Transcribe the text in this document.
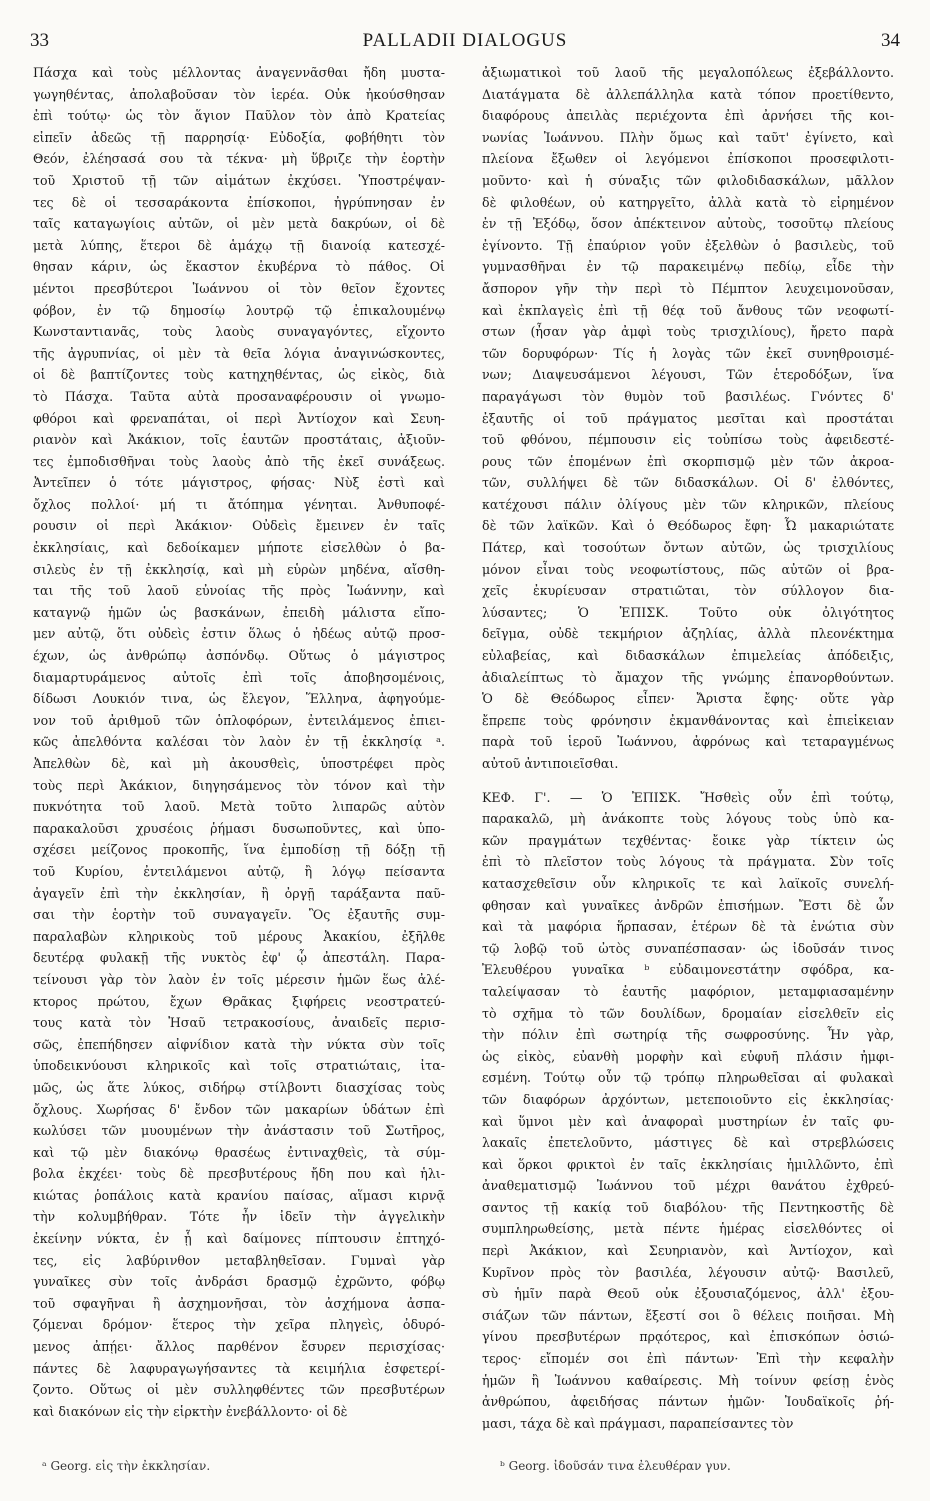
33	PALLADII DIALOGUS	34
Πάσχα καὶ τοὺς μέλλοντας ἀναγεννᾶσθαι ἤδη μυστα-
γωγηθέντας, ἀπολαβοῦσαν τὸν ἱερέα. Οὐκ ἠκούσθησαν
ἐπὶ τούτῳ· ὡς τὸν ἅγιον Παῦλον τὸν ἀπὸ Κρατείας
εἰπεῖν ἀδεῶς τῇ παρρησίᾳ· Εὐδοξία, φοβήθητι τὸν
Θεόν, ἐλέησασά σου τὰ τέκνα· μὴ ὕβριζε τὴν ἑορτὴν
τοῦ Χριστοῦ τῇ τῶν αἱμάτων ἐκχύσει. Ὑποστρέψαν-
τες δὲ οἱ τεσσαράκοντα ἐπίσκοποι, ἠγρύπνησαν ἐν
ταῖς καταγωγίοις αὐτῶν, οἱ μὲν μετὰ δακρύων, οἱ δὲ
μετὰ λύπης, ἕτεροι δὲ ἁμάχῳ τῇ διανοίᾳ κατεσχέ-
θησαν κάριν, ὡς ἕκαστον ἐκυβέρνα τὸ πάθος. Οἱ
μέντοι πρεσβύτεροι Ἰωάννου οἱ τὸν θεῖον ἔχοντες
φόβον, ἐν τῷ δημοσίῳ λουτρῷ τῷ ἐπικαλουμένῳ
Κωνσταντιανᾶς, τοὺς λαοὺς συναγαγόντες, εἴχοντο
τῆς ἀγρυπνίας, οἱ μὲν τὰ θεῖα λόγια ἀναγινώσκοντες,
οἱ δὲ βαπτίζοντες τοὺς κατηχηθέντας, ὡς εἰκὸς, διὰ
τὸ Πάσχα. Ταῦτα αὐτὰ προσαναφέρουσιν οἱ γνωμο-
φθόροι καὶ φρεναπάται, οἱ περὶ Ἀντίοχον καὶ Σευη-
ριανὸν καὶ Ἀκάκιον, τοῖς ἑαυτῶν προστάταις, ἀξιοῦν-
τες ἐμποδισθῆναι τοὺς λαοὺς ἀπὸ τῆς ἐκεῖ συνάξεως.
Ἀντεῖπεν ὁ τότε μάγιστρος, φήσας· Νὺξ ἐστὶ καὶ
ὄχλος πολλοί· μή τι ἄτόπημα γένηται. Ἀνθυποφέ-
ρουσιν οἱ περὶ Ἀκάκιον· Οὐδεὶς ἔμεινεν ἐν ταῖς
ἐκκλησίαις, καὶ δεδοίκαμεν μήποτε εἰσελθὼν ὁ βα-
σιλεὺς ἐν τῇ ἐκκλησίᾳ, καὶ μὴ εὑρὼν μηδένα, αἴσθη-
ται τῆς τοῦ λαοῦ εὐνοίας τῆς πρὸς Ἰωάννην, καὶ
καταγνῷ ἡμῶν ὡς βασκάνων, ἐπειδὴ μάλιστα εἴπο-
μεν αὐτῷ, ὅτι οὐδεὶς ἐστιν ὅλως ὁ ἠδέως αὐτῷ προσ-
έχων, ὡς ἀνθρώπῳ ἀσπόνδῳ. Οὕτως ὁ μάγιστρος
διαμαρτυράμενος αὐτοῖς ἐπὶ τοῖς ἀποβησομένοις,
δίδωσι Λουκιόν τινα, ὡς ἔλεγον, Ἕλληνα, ἀφηγούμε-
νον τοῦ ἀριθμοῦ τῶν ὁπλοφόρων, ἐντειλάμενος ἐπιει-
κῶς ἀπελθόντα καλέσαι τὸν λαὸν ἐν τῇ ἐκκλησίᾳ ᵃ.
Ἀπελθὼν δὲ, καὶ μὴ ἀκουσθεὶς, ὑποστρέφει πρὸς
τοὺς περὶ Ἀκάκιον, διηγησάμενος τὸν τόνον καὶ τὴν
πυκνότητα τοῦ λαοῦ. Μετὰ τοῦτο λιπαρῶς αὐτὸν
παρακαλοῦσι χρυσέοις ῥήμασι δυσωποῦντες, καὶ ὑπο-
σχέσει μείζονος προκοπῆς, ἵνα ἐμποδίσῃ τῇ δόξῃ τῇ
τοῦ Κυρίου, ἐντειλάμενοι αὐτῷ, ἢ λόγῳ πείσαντα
ἀγαγεῖν ἐπὶ τὴν ἐκκλησίαν, ἢ ὀργῇ ταράξαντα παῦ-
σαι τὴν ἑορτὴν τοῦ συναγαγεῖν. Ὃς ἐξαυτῆς συμ-
παραλαβὼν κληρικοὺς τοῦ μέρους Ἀκακίου, ἐξῆλθε
δευτέρᾳ φυλακῇ τῆς νυκτὸς ἐφ' ᾧ ἀπεστάλη. Παρα-
τείνουσι γὰρ τὸν λαὸν ἐν τοῖς μέρεσιν ἡμῶν ἕως ἀλέ-
κτορος πρώτου, ἔχων Θρᾶκας ξιφήρεις νεοστρατεύ-
τους κατὰ τὸν Ἠσαῦ τετρακοσίους, ἀναιδεῖς περισ-
σῶς, ἐπεπήδησεν αἰφνίδιον κατὰ τὴν νύκτα σὺν τοῖς
ὑποδεικνύουσι κληρικοῖς καὶ τοῖς στρατιώταις, ἰτα-
μῶς, ὡς ἅτε λύκος, σιδήρῳ στίλβοντι διασχίσας τοὺς
ὄχλους. Χωρήσας δ' ἔνδον τῶν μακαρίων ὑδάτων ἐπὶ
κωλύσει τῶν μυουμένων τὴν ἀνάστασιν τοῦ Σωτῆρος,
καὶ τῷ μὲν διακόνῳ θρασέως ἐντιναχθεὶς, τὰ σύμ-
βολα ἐκχέει· τοὺς δὲ πρεσβυτέρους ἤδη που καὶ ἡλι-
κιώτας ῥοπάλοις κατὰ κρανίου παίσας, αἵμασι κιρνᾷ
τὴν κολυμβήθραν. Τότε ἦν ἰδεῖν τὴν ἀγγελικὴν
ἐκείνην νύκτα, ἐν ᾗ καὶ δαίμονες πίπτουσιν ἐπτηχό-
τες, εἰς λαβύρινθον μεταβληθεῖσαν. Γυμναὶ γὰρ
γυναῖκες σὺν τοῖς ἀνδράσι δρασμῷ ἐχρῶντο, φόβῳ
τοῦ σφαγῆναι ἢ ἀσχημονῆσαι, τὸν ἀσχήμονα ἀσπα-
ζόμεναι δρόμον· ἕτερος τὴν χεῖρα πληγεὶς, ὀδυρό-
μενος ἀπῄει· ἄλλος παρθένον ἔσυρεν περισχίσας·
πάντες δὲ λαφυραγωγήσαντες τὰ κειμήλια ἐσφετερί-
ζοντο. Οὕτως οἱ μὲν συλληφθέντες τῶν πρεσβυτέρων
καὶ διακόνων εἰς τὴν εἱρκτὴν ἐνεβάλλοντο· οἱ δὲ
ἀξιωματικοὶ τοῦ λαοῦ τῆς μεγαλοπόλεως ἐξεβάλλοντο.
Διατάγματα δὲ ἀλλεπάλληλα κατὰ τόπον προετίθεντο,
διαφόρους ἀπειλὰς περιέχοντα ἐπὶ ἀρνήσει τῆς κοι-
νωνίας Ἰωάννου. Πλὴν ὅμως καὶ ταῦτ' ἐγίνετο, καὶ
πλείονα ἔξωθεν οἱ λεγόμενοι ἐπίσκοποι προσεφιλοτι-
μοῦντο· καὶ ἡ σύναξις τῶν φιλοδιδασκάλων, μᾶλλον
δὲ φιλοθέων, οὐ κατηργεῖτο, ἀλλὰ κατὰ τὸ εἰρημένον
ἐν τῇ Ἐξόδῳ, ὅσον ἀπέκτεινον αὐτοὺς, τοσοῦτῳ πλείους
ἐγίνοντο. Τῇ ἐπαύριον γοῦν ἐξελθὼν ὁ βασιλεὺς, τοῦ
γυμνασθῆναι ἐν τῷ παρακειμένῳ πεδίῳ, εἶδε τὴν
ἄσπορον γῆν τὴν περὶ τὸ Πέμπτον λευχειμονοῦσαν,
καὶ ἐκπλαγεὶς ἐπὶ τῇ θέᾳ τοῦ ἄνθους τῶν νεοφωτί-
στων (ἦσαν γὰρ ἀμφὶ τοὺς τρισχιλίους), ἤρετο παρὰ
τῶν δορυφόρων· Τίς ἡ λογὰς τῶν ἐκεῖ συνηθροισμέ-
νων; Διαψευσάμενοι λέγουσι, Τῶν ἑτεροδόξων, ἵνα
παραγάγωσι τὸν θυμὸν τοῦ βασιλέως. Γνόντες δ'
ἐξαυτῆς οἱ τοῦ πράγματος μεσῖται καὶ προστάται
τοῦ φθόνου, πέμπουσιν εἰς τοὐπίσω τοὺς ἀφειδεστέ-
ρους τῶν ἑπομένων ἐπὶ σκορπισμῷ μὲν τῶν ἀκροα-
τῶν, συλλήψει δὲ τῶν διδασκάλων. Οἱ δ' ἐλθόντες,
κατέχουσι πάλιν ὀλίγους μὲν τῶν κληρικῶν, πλείους
δὲ τῶν λαϊκῶν. Καὶ ὁ Θεόδωρος ἔφη· Ὦ μακαριώτατε
Πάτερ, καὶ τοσούτων ὄντων αὐτῶν, ὡς τρισχιλίους
μόνον εἶναι τοὺς νεοφωτίστους, πῶς αὐτῶν οἱ βρα-
χεῖς ἐκυρίευσαν στρατιῶται, τὸν σύλλογον δια-
λύσαντες; Ὁ ἘΠΙΣΚ. Τοῦτο οὐκ ὀλιγότητος
δεῖγμα, οὐδὲ τεκμήριον ἀζηλίας, ἀλλὰ πλεονέκτημα
εὐλαβείας, καὶ διδασκάλων ἐπιμελείας ἀπόδειξις,
ἀδιαλείπτως τὸ ἄμαχον τῆς γνώμης ἐπανορθούντων.
Ὁ δὲ Θεόδωρος εἶπεν· Ἄριστα ἔφης· οὔτε γὰρ
ἔπρεπε τοὺς φρόνησιν ἐκμανθάνοντας καὶ ἐπιεἰκειαν
παρὰ τοῦ ἱεροῦ Ἰωάννου, ἀφρόνως καὶ τεταραγμένως
αὐτοῦ ἀντιποιεῖσθαι.
ΚΕΦ. Γ'. — Ὁ ἘΠΙΣΚ. Ἤσθεὶς οὖν ἐπὶ τούτῳ,
παρακαλῶ, μὴ ἀνάκοπτε τοὺς λόγους τοὺς ὑπὸ κα-
κῶν πραγμάτων τεχθέντας· ἔοικε γὰρ τίκτειν ὡς
ἐπὶ τὸ πλεῖστον τοὺς λόγους τὰ πράγματα. Σὺν τοῖς
κατασχεθεῖσιν οὖν κληρικοῖς τε καὶ λαϊκοῖς συνελή-
φθησαν καὶ γυναῖκες ἀνδρῶν ἐπισήμων. Ἔστι δὲ ὧν
καὶ τὰ μαφόρια ἥρπασαν, ἑτέρων δὲ τὰ ἐνώτια σὺν
τῷ λοβῷ τοῦ ὠτὸς συναπέσπασαν· ὡς ἰδοῦσάν τινος
Ἐλευθέρου γυναῖκα ᵇ εὐδαιμονεστάτην σφόδρα, κα-
ταλείψασαν τὸ ἑαυτῆς μαφόριον, μεταμφιασαμένην
τὸ σχῆμα τὸ τῶν δουλίδων, δρομαίαν εἰσελθεῖν εἰς
τὴν πόλιν ἐπὶ σωτηρίᾳ τῆς σωφροσύνης. Ἦν γὰρ,
ὡς εἰκὸς, εὐανθὴ μορφὴν καὶ εὐφυῆ πλάσιν ἠμφι-
εσμένη. Τούτῳ οὖν τῷ τρόπῳ πληρωθεῖσαι αἱ φυλακαὶ
τῶν διαφόρων ἀρχόντων, μετεποιοῦντο εἰς ἐκκλησίας·
καὶ ὕμνοι μὲν καὶ ἀναφοραὶ μυστηρίων ἐν ταῖς φυ-
λακαῖς ἐπετελοῦντο, μάστιγες δὲ καὶ στρεβλώσεις
καὶ ὅρκοι φρικτοὶ ἐν ταῖς ἐκκλησίαις ἡμιλλῶντο, ἐπὶ
ἀναθεματισμῷ Ἰωάννου τοῦ μέχρι θανάτου ἐχθρεύ-
σαντος τῇ κακίᾳ τοῦ διαβόλου· τῆς Πεντηκοστῆς δὲ
συμπληρωθείσης, μετὰ πέντε ἡμέρας εἰσελθόντες οἱ
περὶ Ἀκάκιον, καὶ Σευηριανὸν, καὶ Ἀντίοχον, καὶ
Κυρῖνον πρὸς τὸν βασιλέα, λέγουσιν αὐτῷ· Βασιλεῦ,
σὺ ἡμῖν παρὰ Θεοῦ οὐκ ἐξουσιαζόμενος, ἀλλ' ἐξου-
σιάζων τῶν πάντων, ἔξεστί σοι ὃ θέλεις ποιῆσαι. Μὴ
γίνου πρεσβυτέρων πρᾳότερος, καὶ ἐπισκόπων ὁσιώ-
τερος· εἴπομέν σοι ἐπὶ πάντων· Ἐπὶ τὴν κεφαλὴν
ἡμῶν ἢ Ἰωάννου καθαίρεσις. Μὴ τοίνυν φείσῃ ἑνὸς
ἀνθρώπου, ἀφειδήσας πάντων ἡμῶν· Ἰουδαϊκοῖς ῥή-
μασι, τάχα δὲ καὶ πράγμασι, παραπείσαντες τὸν
ᵃ Georg. εἰς τὴν ἐκκλησίαν.	ᵇ Georg. ἰδοῦσάν τινα ἐλευθέραν γυν.
